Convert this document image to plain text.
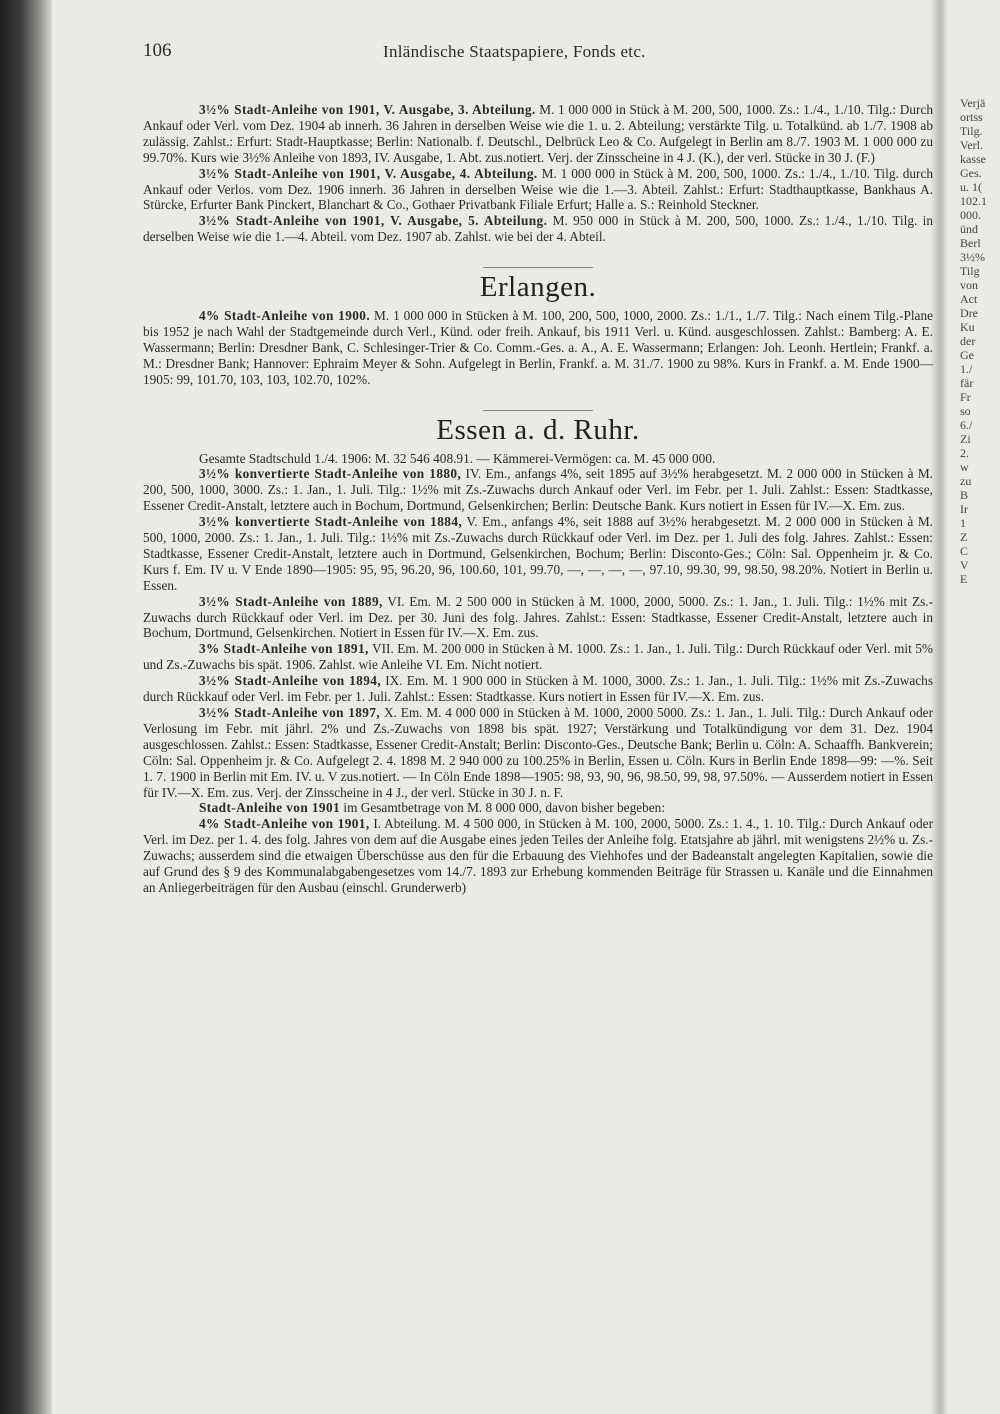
106	Inländische Staatspapiere, Fonds etc.

3½% Stadt-Anleihe von 1901, V. Ausgabe, 3. Abteilung. M. 1 000 000 in Stück à M. 200, 500, 1000. Zs.: 1./4., 1./10. Tilg.: Durch Ankauf oder Verl. vom Dez. 1904 ab innerh. 36 Jahren in derselben Weise wie die 1. u. 2. Abteilung; verstärkte Tilg. u. Totalkünd. ab 1./7. 1908 ab zulässig. Zahlst.: Erfurt: Stadt-Hauptkasse; Berlin: Nationalb. f. Deutschl., Delbrück Leo & Co. Aufgelegt in Berlin am 8./7. 1903 M. 1 000 000 zu 99.70%. Kurs wie 3½% Anleihe von 1893, IV. Ausgabe, 1. Abt. zus.notiert. Verj. der Zinsscheine in 4 J. (K.), der verl. Stücke in 30 J. (F.)

3½% Stadt-Anleihe von 1901, V. Ausgabe, 4. Abteilung. M. 1 000 000 in Stück à M. 200, 500, 1000. Zs.: 1./4., 1./10. Tilg. durch Ankauf oder Verlos. vom Dez. 1906 innerh. 36 Jahren in derselben Weise wie die 1.—3. Abteil. Zahlst.: Erfurt: Stadthauptkasse, Bankhaus A. Stürcke, Erfurter Bank Pinckert, Blanchart & Co., Gothaer Privatbank Filiale Erfurt; Halle a. S.: Reinhold Steckner.

3½% Stadt-Anleihe von 1901, V. Ausgabe, 5. Abteilung. M. 950 000 in Stück à M. 200, 500, 1000. Zs.: 1./4., 1./10. Tilg. in derselben Weise wie die 1.—4. Abteil. vom Dez. 1907 ab. Zahlst. wie bei der 4. Abteil.

Erlangen.

4% Stadt-Anleihe von 1900. M. 1 000 000 in Stücken à M. 100, 200, 500, 1000, 2000. Zs.: 1./1., 1./7. Tilg.: Nach einem Tilg.-Plane bis 1952 je nach Wahl der Stadtgemeinde durch Verl., Künd. oder freih. Ankauf, bis 1911 Verl. u. Künd. ausgeschlossen. Zahlst.: Bamberg: A. E. Wassermann; Berlin: Dresdner Bank, C. Schlesinger-Trier & Co. Comm.-Ges. a. A., A. E. Wassermann; Erlangen: Joh. Leonh. Hertlein; Frankf. a. M.: Dresdner Bank; Hannover: Ephraim Meyer & Sohn. Aufgelegt in Berlin, Frankf. a. M. 31./7. 1900 zu 98%. Kurs in Frankf. a. M. Ende 1900—1905: 99, 101.70, 103, 103, 102.70, 102%.

Essen a. d. Ruhr.

Gesamte Stadtschuld 1./4. 1906: M. 32 546 408.91. — Kämmerei-Vermögen: ca. M. 45 000 000.

3½% konvertierte Stadt-Anleihe von 1880, IV. Em., anfangs 4%, seit 1895 auf 3½% herabgesetzt. M. 2 000 000 in Stücken à M. 200, 500, 1000, 3000. Zs.: 1. Jan., 1. Juli. Tilg.: 1½% mit Zs.-Zuwachs durch Ankauf oder Verl. im Febr. per 1. Juli. Zahlst.: Essen: Stadtkasse, Essener Credit-Anstalt, letztere auch in Bochum, Dortmund, Gelsenkirchen; Berlin: Deutsche Bank. Kurs notiert in Essen für IV.—X. Em. zus.

3½% konvertierte Stadt-Anleihe von 1884, V. Em., anfangs 4%, seit 1888 auf 3½% herabgesetzt. M. 2 000 000 in Stücken à M. 500, 1000, 2000. Zs.: 1. Jan., 1. Juli. Tilg.: 1½% mit Zs.-Zuwachs durch Rückkauf oder Verl. im Dez. per 1. Juli des folg. Jahres. Zahlst.: Essen: Stadtkasse, Essener Credit-Anstalt, letztere auch in Dortmund, Gelsenkirchen, Bochum; Berlin: Disconto-Ges.; Cöln: Sal. Oppenheim jr. & Co. Kurs f. Em. IV u. V Ende 1890—1905: 95, 95, 96.20, 96, 100.60, 101, 99.70, —, —, —, —, 97.10, 99.30, 99, 98.50, 98.20%. Notiert in Berlin u. Essen.

3½% Stadt-Anleihe von 1889, VI. Em. M. 2 500 000 in Stücken à M. 1000, 2000, 5000. Zs.: 1. Jan., 1. Juli. Tilg.: 1½% mit Zs.-Zuwachs durch Rückkauf oder Verl. im Dez. per 30. Juni des folg. Jahres. Zahlst.: Essen: Stadtkasse, Essener Credit-Anstalt, letztere auch in Bochum, Dortmund, Gelsenkirchen. Notiert in Essen für IV.—X. Em. zus.

3% Stadt-Anleihe von 1891, VII. Em. M. 200 000 in Stücken à M. 1000. Zs.: 1. Jan., 1. Juli. Tilg.: Durch Rückkauf oder Verl. mit 5% und Zs.-Zuwachs bis spät. 1906. Zahlst. wie Anleihe VI. Em. Nicht notiert.

3½% Stadt-Anleihe von 1894, IX. Em. M. 1 900 000 in Stücken à M. 1000, 3000. Zs.: 1. Jan., 1. Juli. Tilg.: 1½% mit Zs.-Zuwachs durch Rückkauf oder Verl. im Febr. per 1. Juli. Zahlst.: Essen: Stadtkasse. Kurs notiert in Essen für IV.—X. Em. zus.

3½% Stadt-Anleihe von 1897, X. Em. M. 4 000 000 in Stücken à M. 1000, 2000 5000. Zs.: 1. Jan., 1. Juli. Tilg.: Durch Ankauf oder Verlosung im Febr. mit jährl. 2% und Zs.-Zuwachs von 1898 bis spät. 1927; Verstärkung und Totalkündigung vor dem 31. Dez. 1904 ausgeschlossen. Zahlst.: Essen: Stadtkasse, Essener Credit-Anstalt; Berlin: Disconto-Ges., Deutsche Bank; Berlin u. Cöln: A. Schaaffh. Bankverein; Cöln: Sal. Oppenheim jr. & Co. Aufgelegt 2. 4. 1898 M. 2 940 000 zu 100.25% in Berlin, Essen u. Cöln. Kurs in Berlin Ende 1898—99: —%. Seit 1. 7. 1900 in Berlin mit Em. IV. u. V zus.notiert. — In Cöln Ende 1898—1905: 98, 93, 90, 96, 98.50, 99, 98, 97.50%. — Ausserdem notiert in Essen für IV.—X. Em. zus. Verj. der Zinsscheine in 4 J., der verl. Stücke in 30 J. n. F.

Stadt-Anleihe von 1901 im Gesamtbetrage von M. 8 000 000, davon bisher begeben:

4% Stadt-Anleihe von 1901, I. Abteilung. M. 4 500 000, in Stücken à M. 100, 2000, 5000. Zs.: 1. 4., 1. 10. Tilg.: Durch Ankauf oder Verl. im Dez. per 1. 4. des folg. Jahres von dem auf die Ausgabe eines jeden Teiles der Anleihe folg. Etatsjahre ab jährl. mit wenigstens 2½% u. Zs.-Zuwachs; ausserdem sind die etwaigen Überschüsse aus den für die Erbauung des Viehhofes und der Badeanstalt angelegten Kapitalien, sowie die auf Grund des § 9 des Kommunalabgabengesetzes vom 14./7. 1893 zur Erhebung kommenden Beiträge für Strassen u. Kanäle und die Einnahmen an Anliegerbeiträgen für den Ausbau (einschl. Grunderwerb)

Verjä
ortss
Tilg.
Verl.
kasse
Ges.
u. 1(
102.1
000.
ünd
Berl
3½%
Tilg
von
Act
Dre
Ku
der
Ge
1./
fär
Fr
so
6./
Zi
2.
w
zu
B
Ir
1
Z
C
V
E
